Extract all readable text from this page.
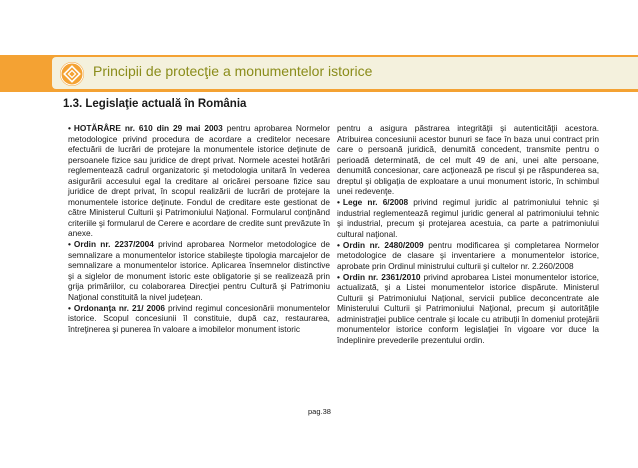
Principii de protecţie a monumentelor istorice
1.3. Legislaţie actuală în România
• HOTĂRÂRE nr. 610 din 29 mai 2003 pentru aprobarea Normelor metodologice privind procedura de acordare a creditelor necesare efectuării de lucrări de protejare la monumentele istorice deţinute de persoanele fizice sau juridice de drept privat. Normele acestei hotărâri reglementează cadrul organizatoric şi metodologia unitară în vederea asigurării accesului egal la creditare al oricărei persoane fizice sau juridice de drept privat, în scopul realizării de lucrări de protejare la monumentele istorice deţinute. Fondul de creditare este gestionat de către Ministerul Culturii şi Patrimoniului Naţional. Formularul conţinând criteriile şi formularul de Cerere e acordare de credite sunt prevăzute în anexe.
• Ordin nr. 2237/2004 privind aprobarea Normelor metodologice de semnalizare a monumentelor istorice stabileşte tipologia marcajelor de semnalizare a monumentelor istorice. Aplicarea însemnelor distinctive şi a siglelor de monument istoric este obligatorie şi se realizează prin grija primăriilor, cu colaborarea Direcţiei pentru Cultură şi Patrimoniu Naţional constituită la nivel judeţean.
• Ordonanţa nr. 21/ 2006 privind regimul concesionării monumentelor istorice. Scopul concesiunii îl constituie, după caz, restaurarea, întreţinerea şi punerea în valoare a imobilelor monument istoric
pentru a asigura păstrarea integrităţii şi autenticităţii acestora. Atribuirea concesiunii acestor bunuri se face în baza unui contract prin care o persoană juridică, denumită concedent, transmite pentru o perioadă determinată, de cel mult 49 de ani, unei alte persoane, denumită concesionar, care acţionează pe riscul şi pe răspunderea sa, dreptul şi obligaţia de exploatare a unui monument istoric, în schimbul unei redevenţe.
• Lege nr. 6/2008 privind regimul juridic al patrimoniului tehnic şi industrial reglementează regimul juridic general al patrimoniului tehnic şi industrial, precum şi protejarea acestuia, ca parte a patrimoniului cultural naţional.
• Ordin nr. 2480/2009 pentru modificarea şi completarea Normelor metodologice de clasare şi inventariere a monumentelor istorice, aprobate prin Ordinul ministrului culturii şi cultelor nr. 2.260/2008
• Ordin nr. 2361/2010 privind aprobarea Listei monumentelor istorice, actualizată, şi a Listei monumentelor istorice dispărute. Ministerul Culturii şi Patrimoniului Naţional, servicii publice deconcentrate ale Ministerului Culturii şi Patrimoniului Naţional, precum şi autorităţile administraţiei publice centrale şi locale cu atribuţii în domeniul protejării monumentelor istorice conform legislaţiei în vigoare vor duce la îndeplinire prevederile prezentului ordin.
pag.38
